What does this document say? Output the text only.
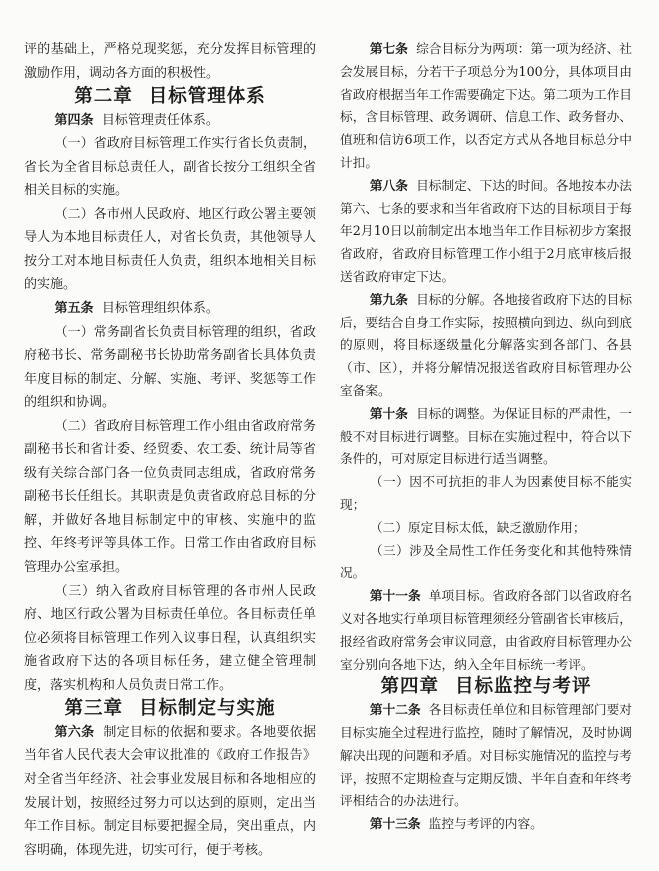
评的基础上，严格兑现奖惩，充分发挥目标管理的激励作用，调动各方面的积极性。

第二章 目标管理体系

第四条 目标管理责任体系。

（一）省政府目标管理工作实行省长负责制，省长为全省目标总责任人，副省长按分工组织全省相关目标的实施。

（二）各市州人民政府、地区行政公署主要领导人为本地目标责任人，对省长负责，其他领导人按分工对本地目标责任人负责，组织本地相关目标的实施。

第五条 目标管理组织体系。

（一）常务副省长负责目标管理的组织，省政府秘书长、常务副秘书长协助常务副省长具体负责年度目标的制定、分解、实施、考评、奖惩等工作的组织和协调。

（二）省政府目标管理工作小组由省政府常务副秘书长和省计委、经贸委、农工委、统计局等省级有关综合部门各一位负责同志组成，省政府常务副秘书长任组长。其职责是负责省政府总目标的分解，并做好各地目标制定中的审核、实施中的监控、年终考评等具体工作。日常工作由省政府目标管理办公室承担。

（三）纳入省政府目标管理的各市州人民政府、地区行政公署为目标责任单位。各目标责任单位必须将目标管理工作列入议事日程，认真组织实施省政府下达的各项目标任务，建立健全管理制度，落实机构和人员负责日常工作。

第三章 目标制定与实施

第六条 制定目标的依据和要求。各地要依据当年省人民代表大会审议批准的《政府工作报告》对全省当年经济、社会事业发展目标和各地相应的发展计划，按照经过努力可以达到的原则，定出当年工作目标。制定目标要把握全局，突出重点，内容明确，体现先进，切实可行，便于考核。

第七条 综合目标分为两项：第一项为经济、社会发展目标，分若干子项总分为100分，具体项目由省政府根据当年工作需要确定下达。第二项为工作目标，含目标管理、政务调研、信息工作、政务督办、值班和信访6项工作，以否定方式从各地目标总分中计扣。

第八条 目标制定、下达的时间。各地按本办法第六、七条的要求和当年省政府下达的目标项目于每年2月10日以前制定出本地当年工作目标初步方案报省政府，省政府目标管理工作小组于2月底审核后报送省政府审定下达。

第九条 目标的分解。各地接省政府下达的目标后，要结合自身工作实际，按照横向到边、纵向到底的原则，将目标逐级量化分解落实到各部门、各县（市、区），并将分解情况报送省政府目标管理办公室备案。

第十条 目标的调整。为保证目标的严肃性，一般不对目标进行调整。目标在实施过程中，符合以下条件的，可对原定目标进行适当调整。

（一）因不可抗拒的非人为因素使目标不能实现；

（二）原定目标太低，缺乏激励作用；

（三）涉及全局性工作任务变化和其他特殊情况。

第十一条 单项目标。省政府各部门以省政府名义对各地实行单项目标管理须经分管副省长审核后，报经省政府常务会审议同意，由省政府目标管理办公室分别向各地下达，纳入全年目标统一考评。

第四章 目标监控与考评

第十二条 各目标责任单位和目标管理部门要对目标实施全过程进行监控，随时了解情况，及时协调解决出现的问题和矛盾。对目标实施情况的监控与考评，按照不定期检查与定期反馈、半年自查和年终考评相结合的办法进行。

第十三条 监控与考评的内容。
